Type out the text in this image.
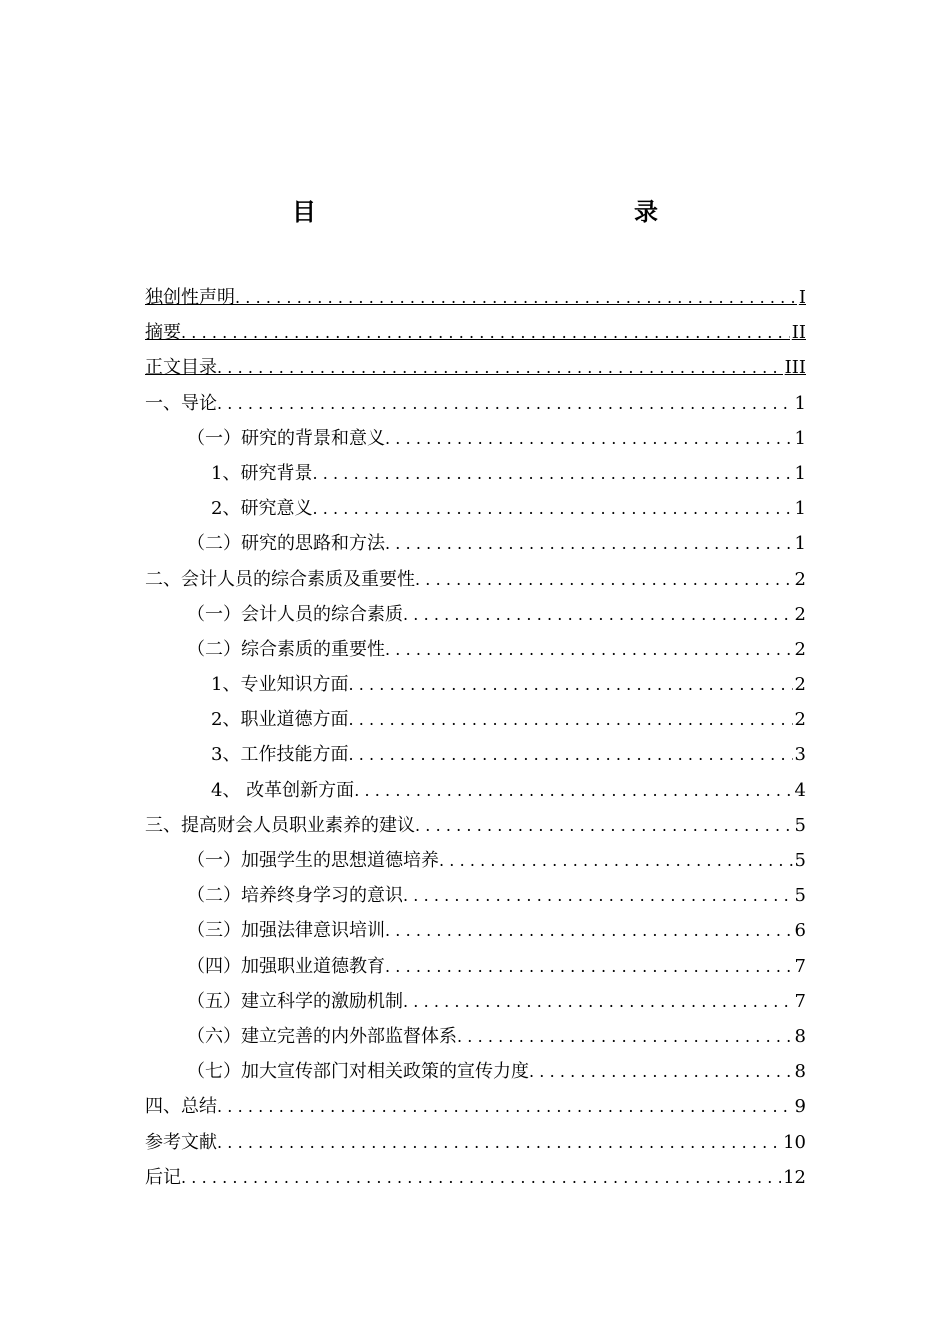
目　　录
独创性声明 .....	I
摘要 .....	II
正文目录 .....	III
一、导论 .....	1
（一）研究的背景和意义 .....	1
1、研究背景 .....	1
2、研究意义 .....	1
（二）研究的思路和方法 .....	1
二、会计人员的综合素质及重要性 .....	2
（一）会计人员的综合素质 .....	2
（二）综合素质的重要性 .....	2
1、专业知识方面 .....	2
2、职业道德方面 .....	2
3、工作技能方面 .....	3
4、 改革创新方面 .....	4
三、提高财会人员职业素养的建议 .....	5
（一）加强学生的思想道德培养 .....	5
（二）培养终身学习的意识 .....	5
（三）加强法律意识培训 .....	6
（四）加强职业道德教育 .....	7
（五）建立科学的激励机制 .....	7
（六）建立完善的内外部监督体系 .....	8
（七）加大宣传部门对相关政策的宣传力度 .....	8
四、总结 .....	9
参考文献 .....	10
后记 .....	12
